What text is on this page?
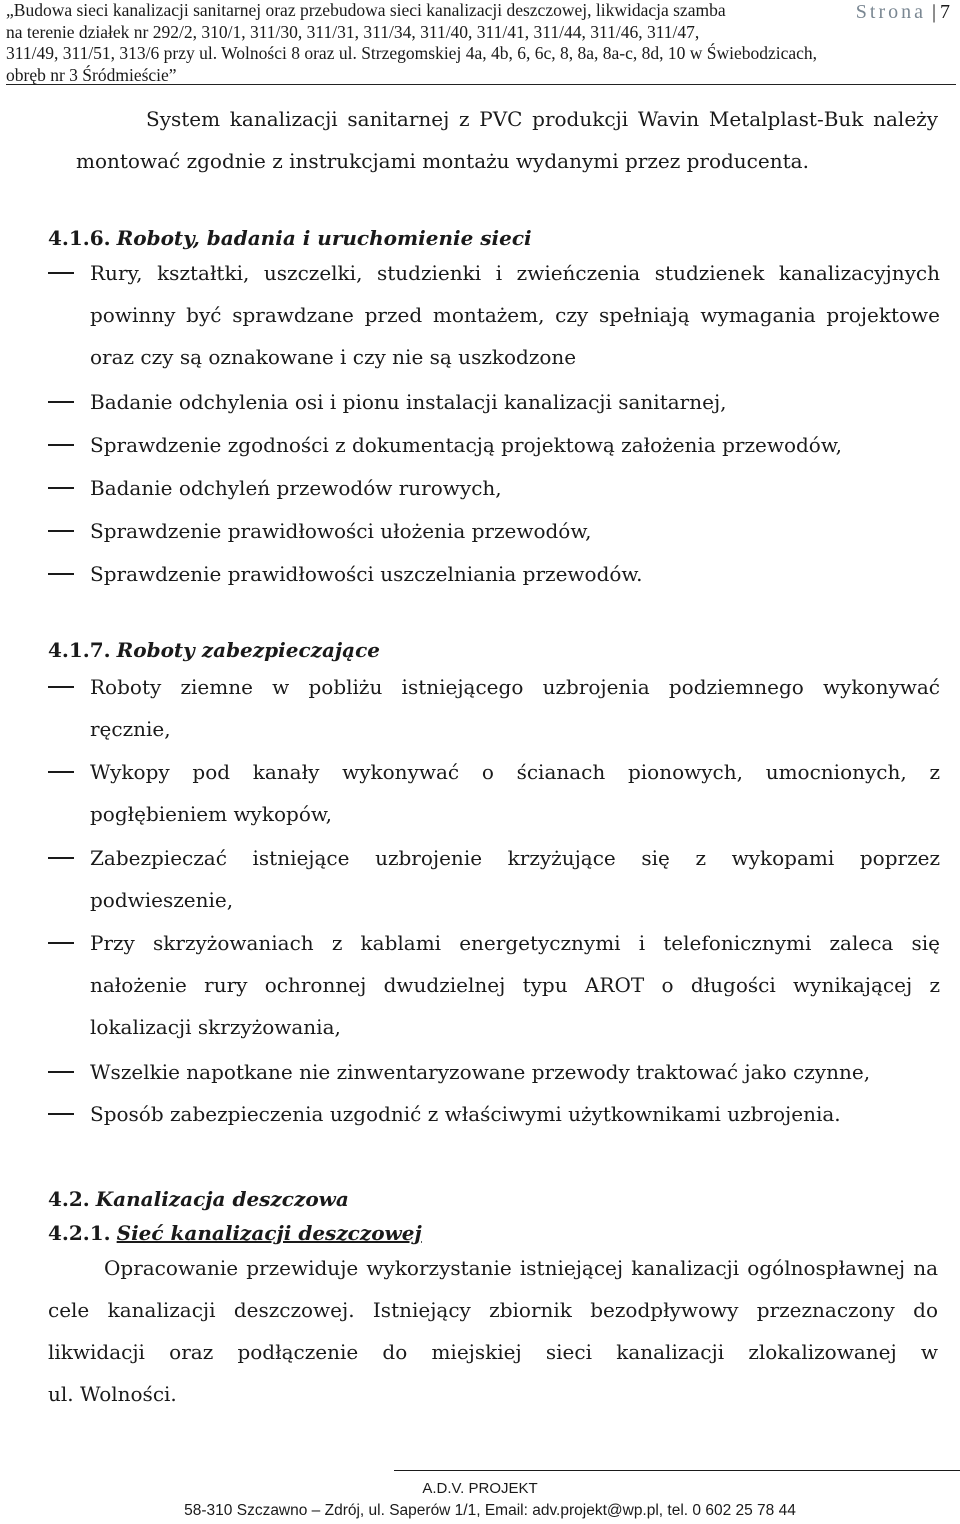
„Budowa sieci kanalizacji sanitarnej oraz przebudowa sieci kanalizacji deszczowej, likwidacja szamba
na terenie działek nr 292/2, 310/1, 311/30, 311/31, 311/34, 311/40, 311/41, 311/44, 311/46, 311/47,
311/49, 311/51, 313/6 przy ul. Wolności 8 oraz ul. Strzegomskiej 4a, 4b, 6, 6c, 8, 8a, 8a-c, 8d, 10 w Świebodzicach,
obręb nr 3 Śródmieście”
Strona | 7
System kanalizacji sanitarnej z PVC produkcji Wavin Metalplast-Buk należy
montować zgodnie z instrukcjami montażu wydanymi przez producenta.
4.1.6. Roboty, badania i uruchomienie sieci
Rury, kształtki, uszczelki, studzienki i zwieńczenia studzienek kanalizacyjnych
powinny być sprawdzane przed montażem, czy spełniają wymagania projektowe
oraz czy są oznakowane i czy nie są uszkodzone
Badanie odchylenia osi i pionu instalacji kanalizacji sanitarnej,
Sprawdzenie zgodności z dokumentacją projektową założenia przewodów,
Badanie odchyleń przewodów rurowych,
Sprawdzenie prawidłowości ułożenia przewodów,
Sprawdzenie prawidłowości uszczelniania przewodów.
4.1.7. Roboty zabezpieczające
Roboty ziemne w pobliżu istniejącego uzbrojenia podziemnego wykonywać
ręcznie,
Wykopy pod kanały wykonywać o ścianach pionowych, umocnionych, z
pogłębieniem wykopów,
Zabezpieczać istniejące uzbrojenie krzyżujące się z wykopami poprzez
podwieszenie,
Przy skrzyżowaniach z kablami energetycznymi i telefonicznymi zaleca się
nałożenie rury ochronnej dwudzielnej typu AROT o długości wynikającej z
lokalizacji skrzyżowania,
Wszelkie napotkane nie zinwentaryzowane przewody traktować jako czynne,
Sposób zabezpieczenia uzgodnić z właściwymi użytkownikami uzbrojenia.
4.2. Kanalizacja deszczowa
4.2.1. Sieć kanalizacji deszczowej
Opracowanie przewiduje wykorzystanie istniejącej kanalizacji ogólnospławnej na
cele kanalizacji deszczowej. Istniejący zbiornik bezodpływowy przeznaczony do
likwidacji oraz podłączenie do miejskiej sieci kanalizacji zlokalizowanej w
ul. Wolności.
A.D.V. PROJEKT
58-310 Szczawno – Zdrój, ul. Saperów 1/1, Email: adv.projekt@wp.pl, tel. 0 602 25 78 44
